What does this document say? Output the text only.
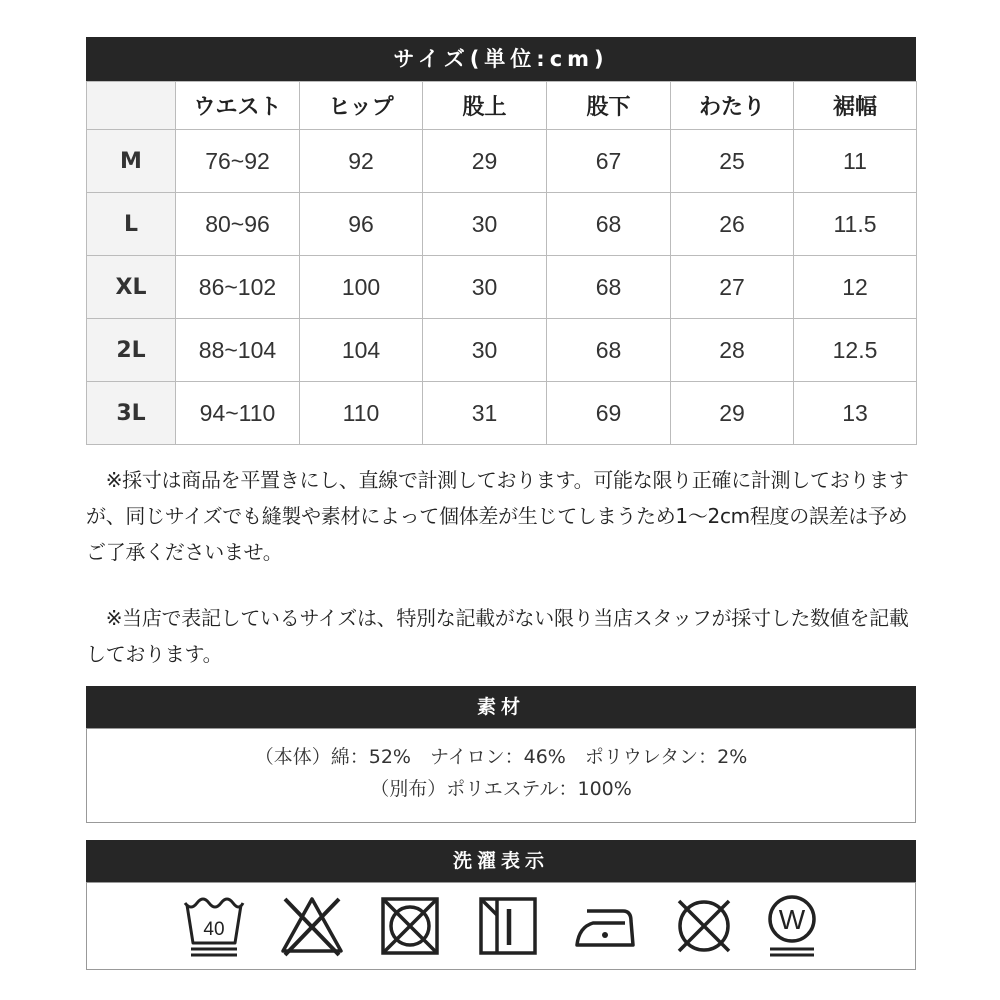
サイズ(単位:cm)
	ウエスト	ヒップ	股上	股下	わたり	裾幅
M	76~92	92	29	67	25	11
L	80~96	96	30	68	26	11.5
XL	86~102	100	30	68	27	12
2L	88~104	104	30	68	28	12.5
3L	94~110	110	31	69	29	13
　※採寸は商品を平置きにし、直線で計測しております。可能な限り正確に計測しておりますが、同じサイズでも縫製や素材によって個体差が生じてしまうため1～2cm程度の誤差は予めご了承くださいませ。
　※当店で表記しているサイズは、特別な記載がない限り当店スタッフが採寸した数値を記載しております。
素材
（本体）綿：52%　ナイロン：46%　ポリウレタン：2%
（別布）ポリエステル：100%
洗濯表示
40	W
